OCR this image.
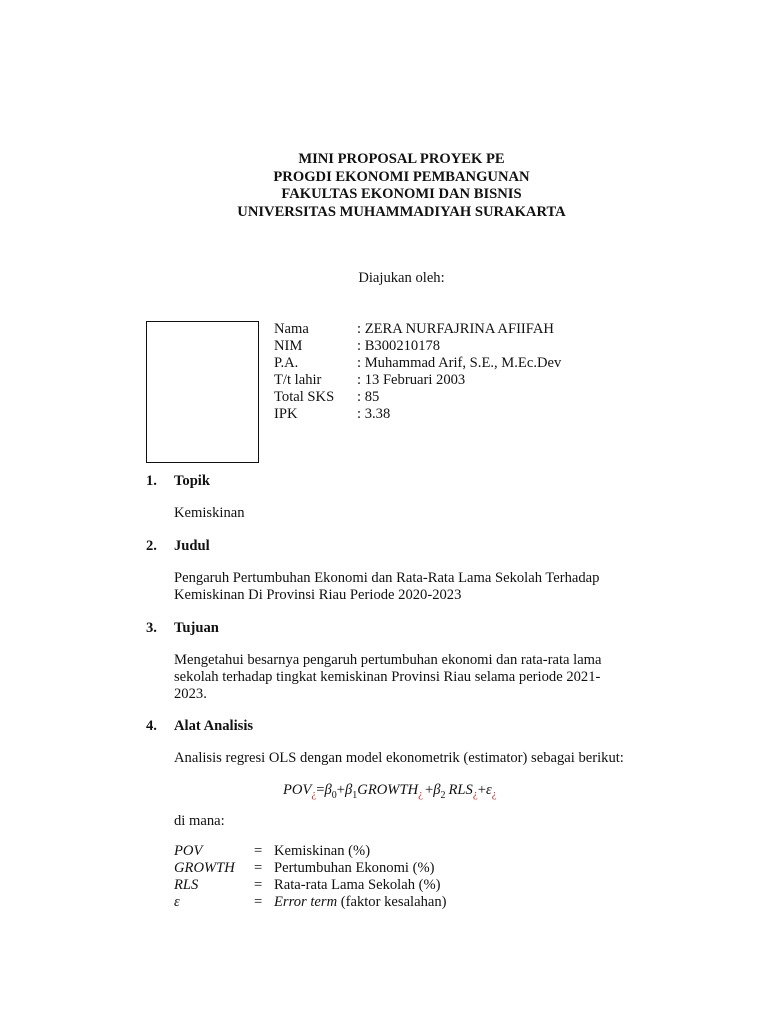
MINI PROPOSAL PROYEK PE
PROGDI EKONOMI PEMBANGUNAN
FAKULTAS EKONOMI DAN BISNIS
UNIVERSITAS MUHAMMADIYAH SURAKARTA
Diajukan oleh:
Nama	: ZERA NURFAJRINA AFIIFAH
NIM	: B300210178
P.A.	: Muhammad Arif, S.E., M.Ec.Dev
T/t lahir	: 13 Februari 2003
Total SKS	: 85
IPK	: 3.38
1. Topik
Kemiskinan
2. Judul
Pengaruh Pertumbuhan Ekonomi dan Rata-Rata Lama Sekolah Terhadap Kemiskinan Di Provinsi Riau Periode 2020-2023
3. Tujuan
Mengetahui besarnya pengaruh pertumbuhan ekonomi dan rata-rata lama sekolah terhadap tingkat kemiskinan Provinsi Riau selama periode 2021-2023.
4. Alat Analisis
Analisis regresi OLS dengan model ekonometrik (estimator) sebagai berikut:
$POV_¿=\beta_0+\beta_1GROWTH_¿ +\beta_2$ $RLS_¿+\varepsilon_¿$
di mana:
POV	=	Kemiskinan (%)
GROWTH	=	Pertumbuhan Ekonomi (%)
RLS	=	Rata-rata Lama Sekolah (%)
ε	=	Error term (faktor kesalahan)
